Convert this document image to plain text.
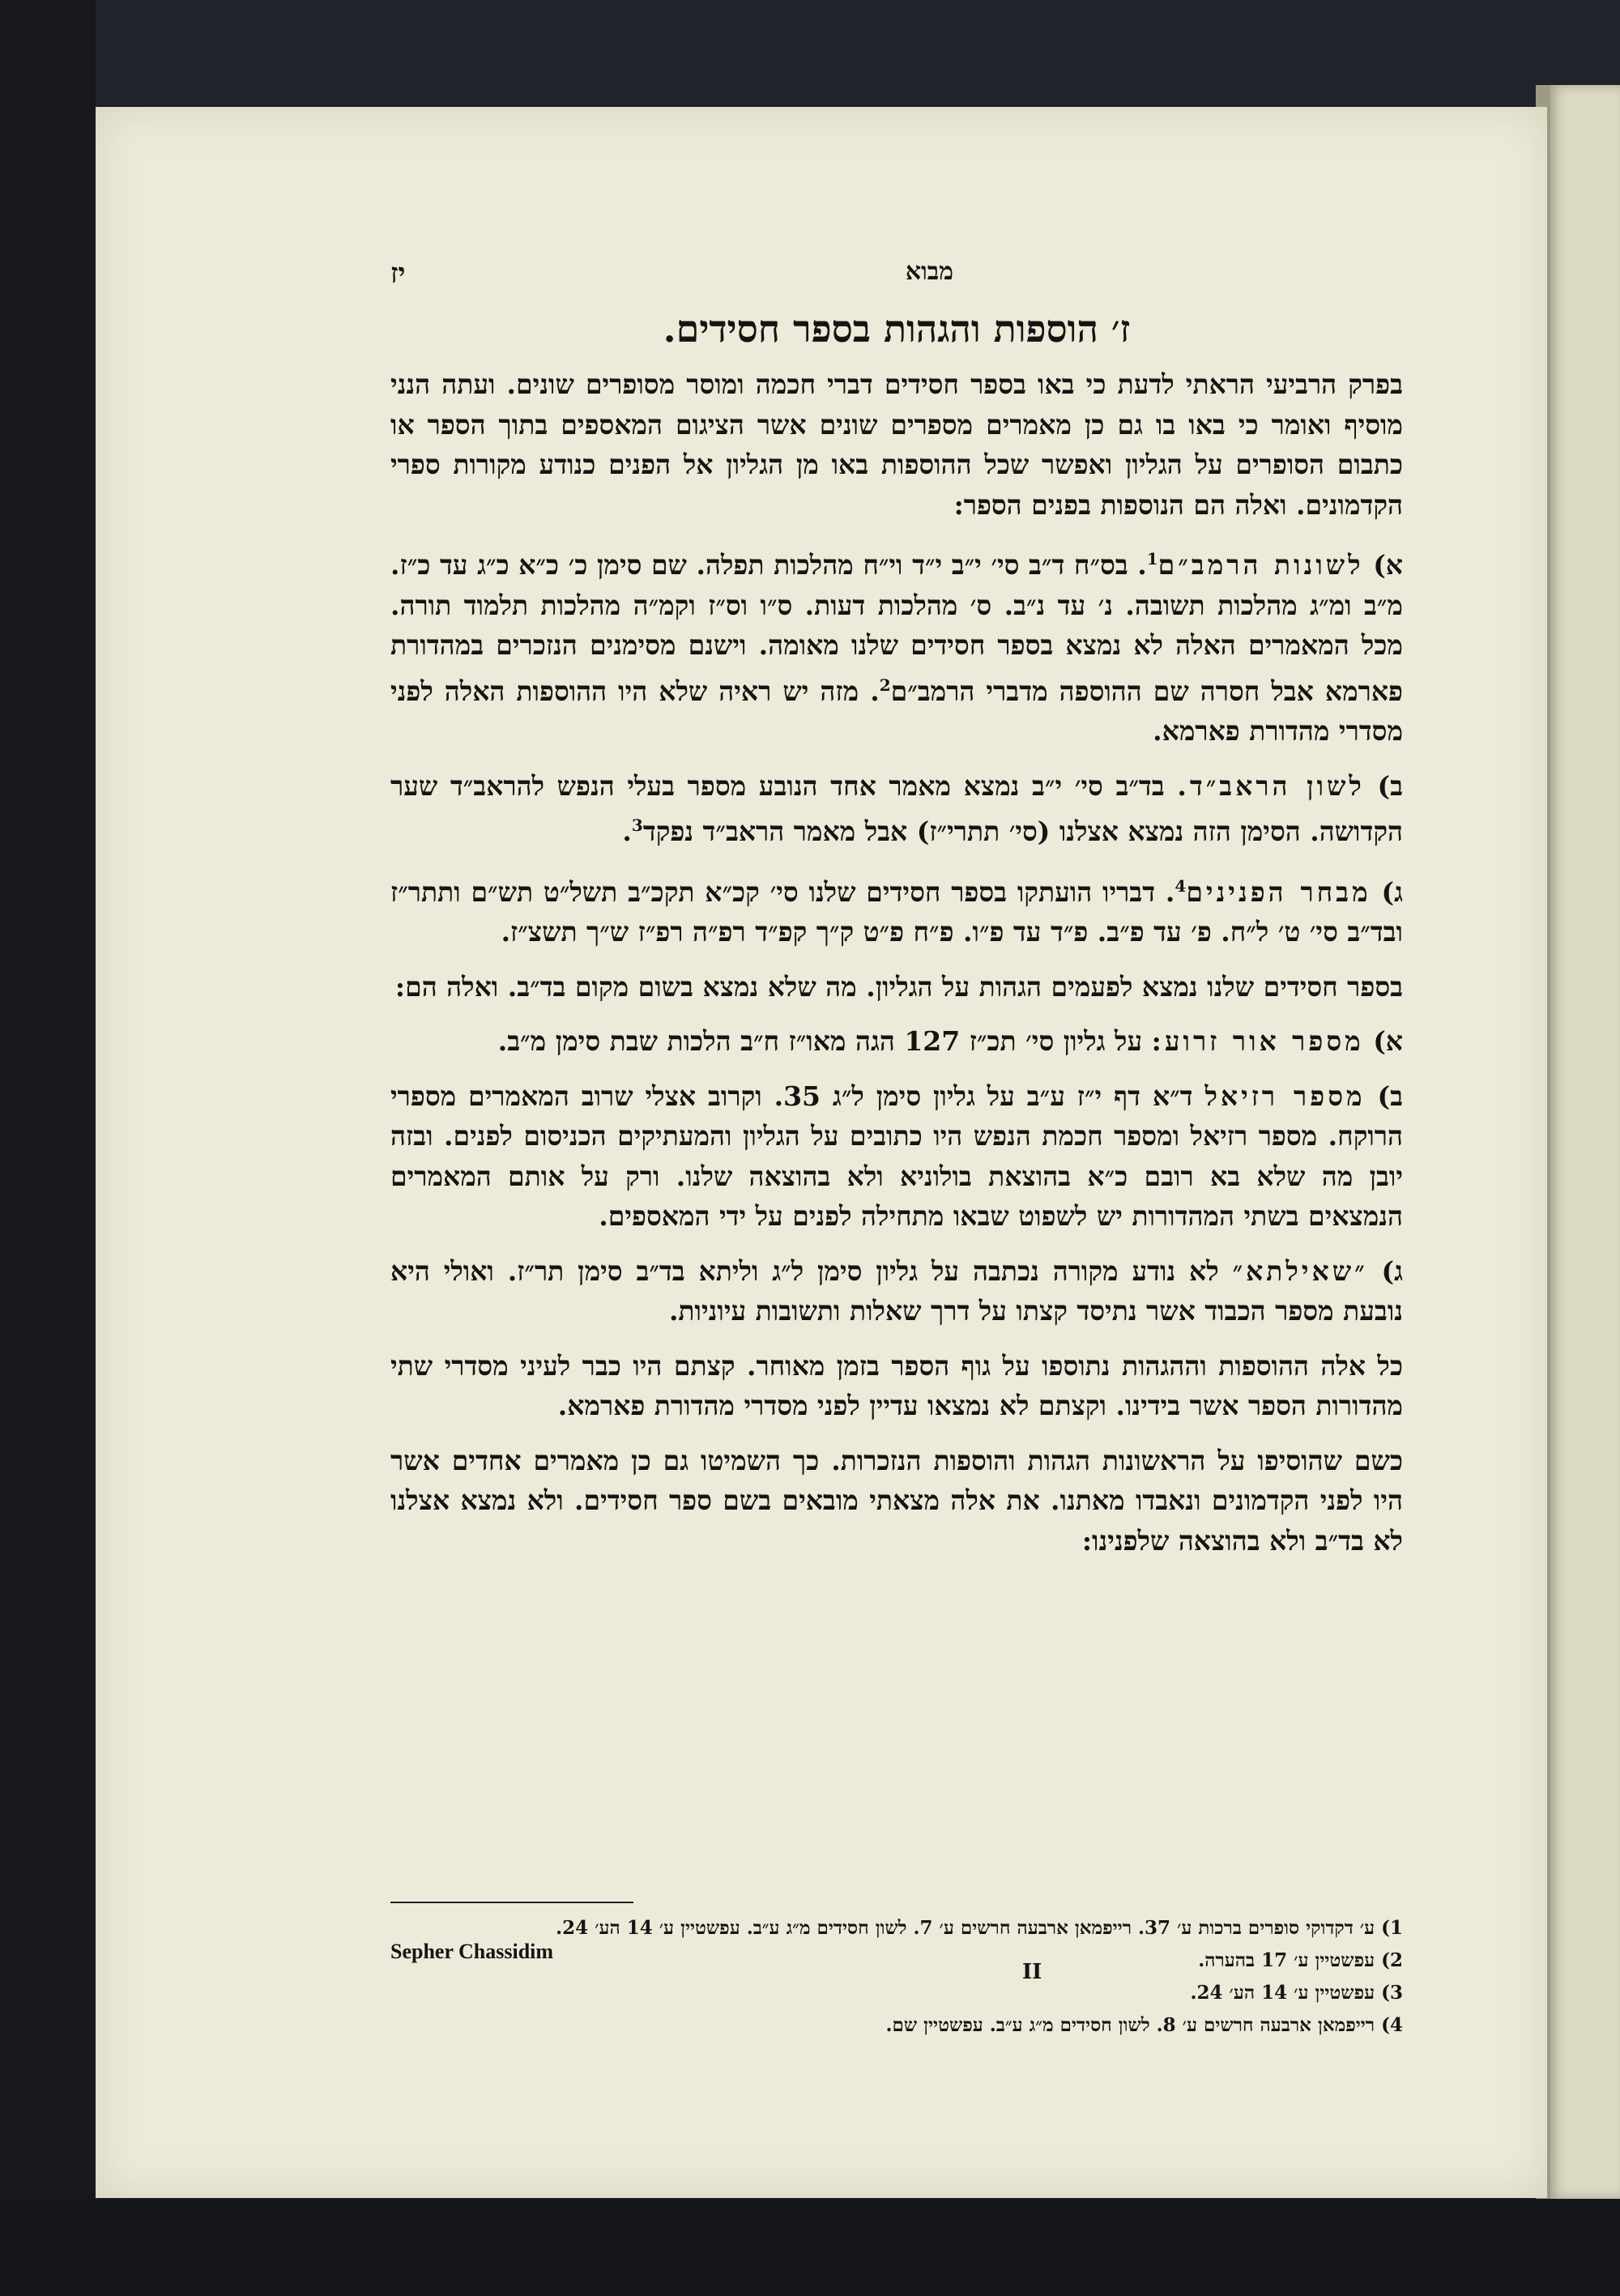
מבוא
יז
ז׳ הוספות והגהות בספר חסידים.

בפרק הרביעי הראתי לדעת כי באו בספר חסידים דברי חכמה ומוסר מסופרים שונים. ועתה הנני מוסיף ואומר כי באו בו גם כן מאמרים מספרים שונים אשר הציגום המאספים בתוך הספר או כתבום הסופרים על הגליון ואפשר שכל ההוספות באו מן הגליון אל הפנים כנודע מקורות ספרי הקדמונים. ואלה הם הנוספות בפנים הספר:

א) לשונות הרמב״ם$^1$. בס״ח ד״ב סי׳ י״ב י״ד וי״ח מהלכות תפלה. שם סימן כ׳ כ״א כ״ג עד כ״ז. מ״ב ומ״ג מהלכות תשובה. נ׳ עד נ״ב. ס׳ מהלכות דעות. ס״ו וס״ז וקמ״ה מהלכות תלמוד תורה. מכל המאמרים האלה לא נמצא בספר חסידים שלנו מאומה. וישנם מסימנים הנזכרים במהדורת פארמא אבל חסרה שם ההוספה מדברי הרמב״ם$^2$. מזה יש ראיה שלא היו ההוספות האלה לפני מסדרי מהדורת פארמא.

ב) לשון הראב״ד. בד״ב סי׳ י״ב נמצא מאמר אחד הנובע מספר בעלי הנפש להראב״ד שער הקדושה. הסימן הזה נמצא אצלנו (סי׳ תתרי״ז) אבל מאמר הראב״ד נפקד$^3$.

ג) מבחר הפנינים$^4$. דבריו הועתקו בספר חסידים שלנו סי׳ קכ״א תקכ״ב תשל״ט תש״ם ותתר״ז ובד״ב סי׳ ט׳ ל״ח. פ׳ עד פ״ב. פ״ד עד פ״ו. פ״ח פ״ט ק״ך קפ״ד רפ״ה רפ״ז ש״ך תשצ״ז.

בספר חסידים שלנו נמצא לפעמים הגהות על הגליון. מה שלא נמצא בשום מקום בד״ב. ואלה הם:

א) מספר אור זרוע: על גליון סי׳ תכ״ז 127 הגה מאו״ז ח״ב הלכות שבת סימן מ״ב.

ב) מספר רזיאל ד״א דף י״ז ע״ב על גליון סימן ל״ג 35. וקרוב אצלי שרוב המאמרים מספרי הרוקח. מספר רזיאל ומספר חכמת הנפש היו כתובים על הגליון והמעתיקים הכניסום לפנים. ובזה יובן מה שלא בא רובם כ״א בהוצאת בולוניא ולא בהוצאה שלנו. ורק על אותם המאמרים הנמצאים בשתי המהדורות יש לשפוט שבאו מתחילה לפנים על ידי המאספים.

ג) ״שאילתא״ לא נודע מקורה נכתבה על גליון סימן ל״ג וליתא בד״ב סימן תר״ז. ואולי היא נובעת מספר הכבוד אשר נתיסד קצתו על דרך שאלות ותשובות עיוניות.

כל אלה ההוספות וההגהות נתוספו על גוף הספר בזמן מאוחר. קצתם היו כבר לעיני מסדרי שתי מהדורות הספר אשר בידינו. וקצתם לא נמצאו עדיין לפני מסדרי מהדורת פארמא.

כשם שהוסיפו על הראשונות הגהות והוספות הנזכרות. כך השמיטו גם כן מאמרים אחדים אשר היו לפני הקדמונים ונאבדו מאתנו. את אלה מצאתי מובאים בשם ספר חסידים. ולא נמצא אצלנו לא בד״ב ולא בהוצאה שלפנינו:

1) ע׳ דקדוקי סופרים ברכות ע׳ 37. רייפמאן ארבעה חרשים ע׳ 7. לשון חסידים מ״ג ע״ב. עפשטיין ע׳ 14 הע׳ 24.
2) עפשטיין ע׳ 17 בהערה.
3) עפשטיין ע׳ 14 הע׳ 24.
4) רייפמאן ארבעה חרשים ע׳ 8. לשון חסידים מ״ג ע״ב. עפשטיין שם.
Sepher Chassidim
II
